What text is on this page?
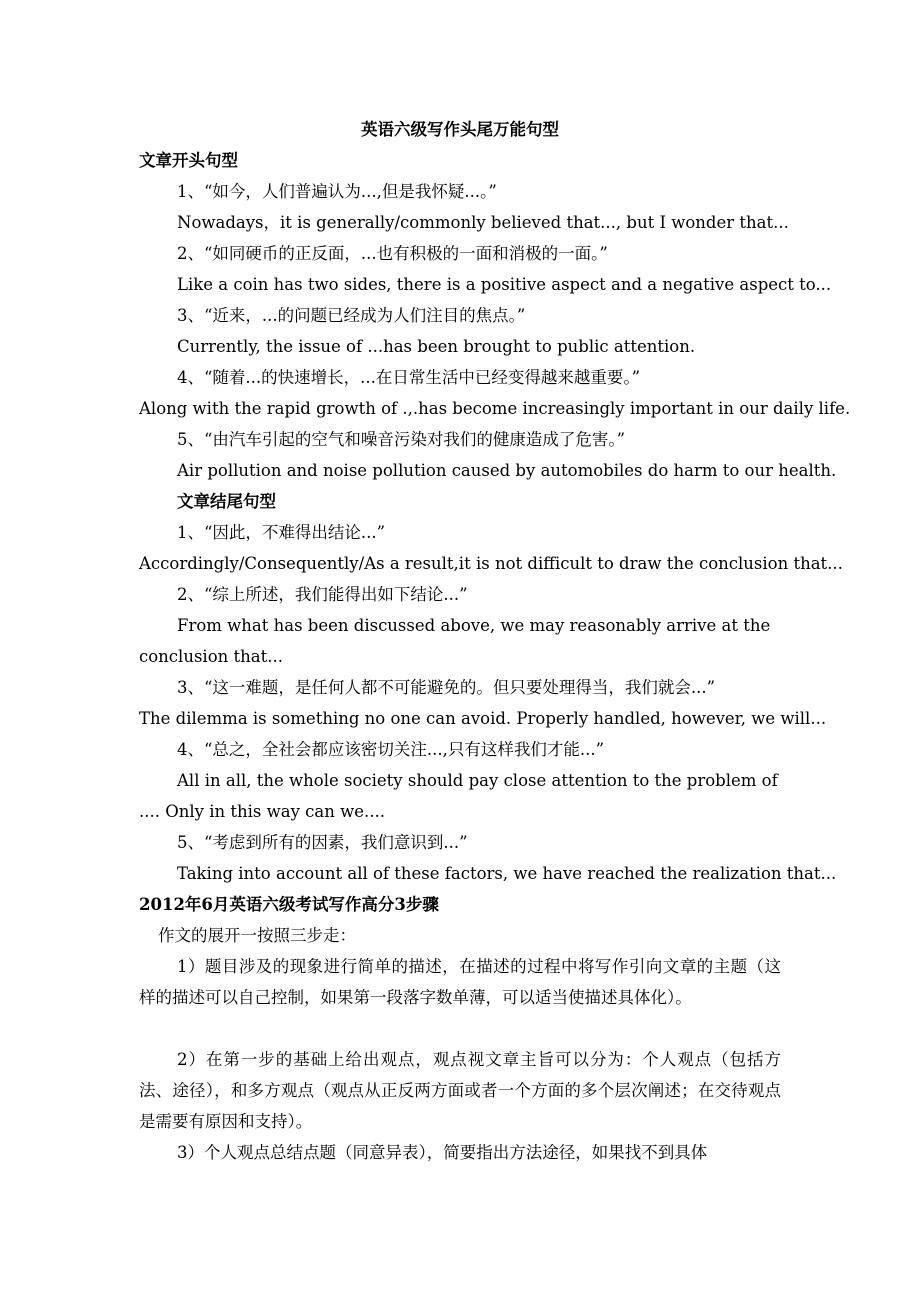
英语六级写作头尾万能句型
文章开头句型
1、“如今，人们普遍认为...,但是我怀疑...。”
Nowadays，it is generally/commonly believed that..., but I wonder that...
2、“如同硬币的正反面，...也有积极的一面和消极的一面。”
Like a coin has two sides, there is a positive aspect and a negative aspect to...
3、“近来，...的问题已经成为人们注目的焦点。”
Currently, the issue of ...has been brought to public attention.
4、“随着...的快速增长，...在日常生活中已经变得越来越重要。”
Along with the rapid growth of .,.has become increasingly important in our daily life.
5、“由汽车引起的空气和噪音污染对我们的健康造成了危害。”
Air pollution and noise pollution caused by automobiles do harm to our health.
文章结尾句型
1、“因此，不难得出结论...”
Accordingly/Consequently/As a result,it is not difficult to draw the conclusion that...
2、“综上所述，我们能得出如下结论...”
From what has been discussed above, we may reasonably arrive at the conclusion that...
3、“这一难题，是任何人都不可能避免的。但只要处理得当，我们就会...”
The dilemma is something no one can avoid. Properly handled, however, we will...
4、“总之，全社会都应该密切关注...,只有这样我们才能...”
All in all, the whole society should pay close attention to the problem of .... Only in this way can we....
5、“考虑到所有的因素，我们意识到...”
Taking into account all of these factors, we have reached the realization that...
2012年6月英语六级考试写作高分3步骤
作文的展开一按照三步走：
1）题目涉及的现象进行简单的描述，在描述的过程中将写作引向文章的主题（这样的描述可以自己控制，如果第一段落字数单薄，可以适当使描述具体化）。
2）在第一步的基础上给出观点，观点视文章主旨可以分为：个人观点（包括方法、途径），和多方观点（观点从正反两方面或者一个方面的多个层次阐述；在交待观点是需要有原因和支持）。
3）个人观点总结点题（同意异表），简要指出方法途径，如果找不到具体
